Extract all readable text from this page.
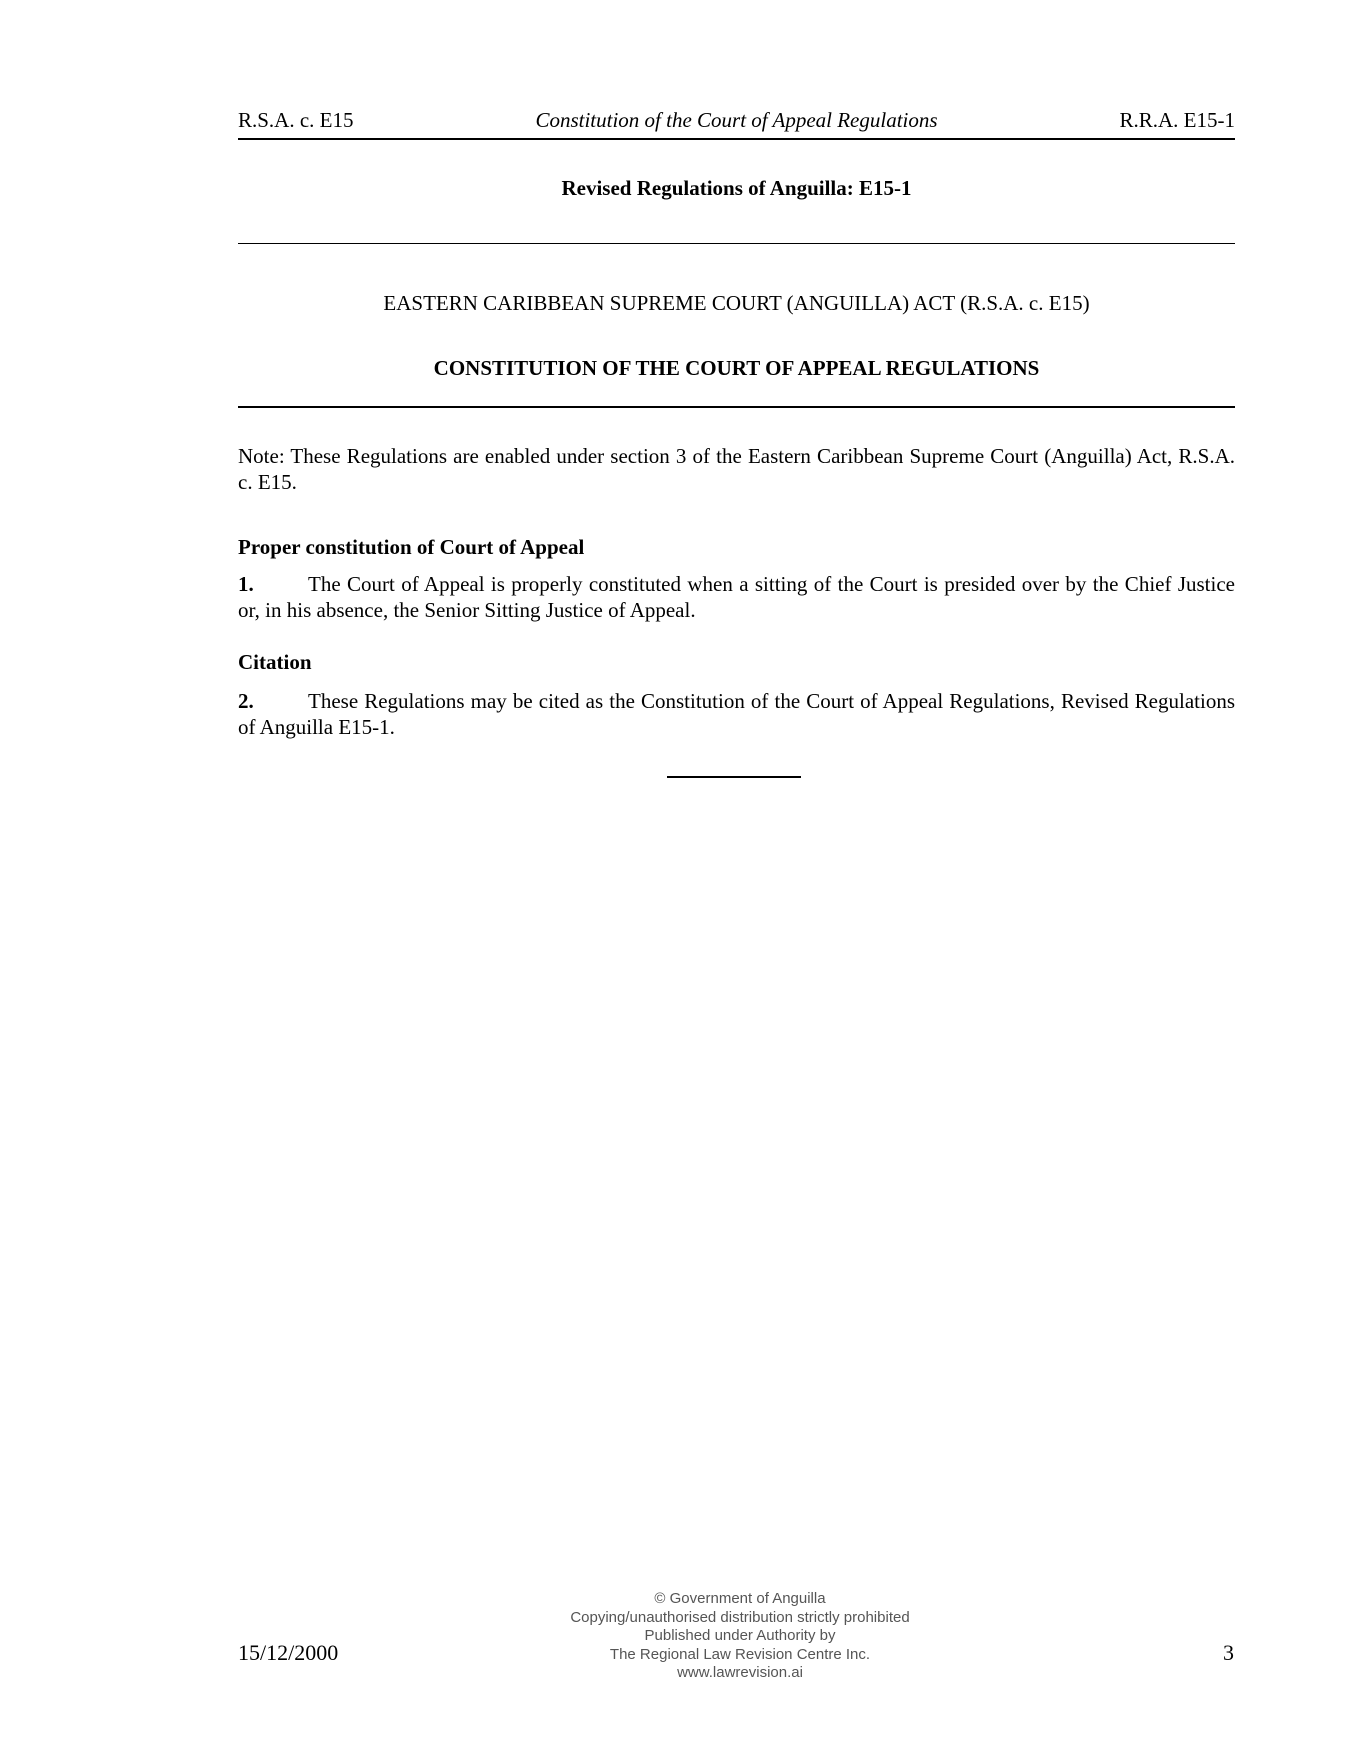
R.S.A. c. E15	Constitution of the Court of Appeal Regulations	R.R.A. E15-1
Revised Regulations of Anguilla: E15-1
EASTERN CARIBBEAN SUPREME COURT (ANGUILLA) ACT (R.S.A. c. E15)
CONSTITUTION OF THE COURT OF APPEAL REGULATIONS
Note: These Regulations are enabled under section 3 of the Eastern Caribbean Supreme Court (Anguilla) Act, R.S.A. c. E15.
Proper constitution of Court of Appeal
1.	The Court of Appeal is properly constituted when a sitting of the Court is presided over by the Chief Justice or, in his absence, the Senior Sitting Justice of Appeal.
Citation
2.	These Regulations may be cited as the Constitution of the Court of Appeal Regulations, Revised Regulations of Anguilla E15-1.
15/12/2000
© Government of Anguilla
Copying/unauthorised distribution strictly prohibited
Published under Authority by
The Regional Law Revision Centre Inc.
www.lawrevision.ai
3
